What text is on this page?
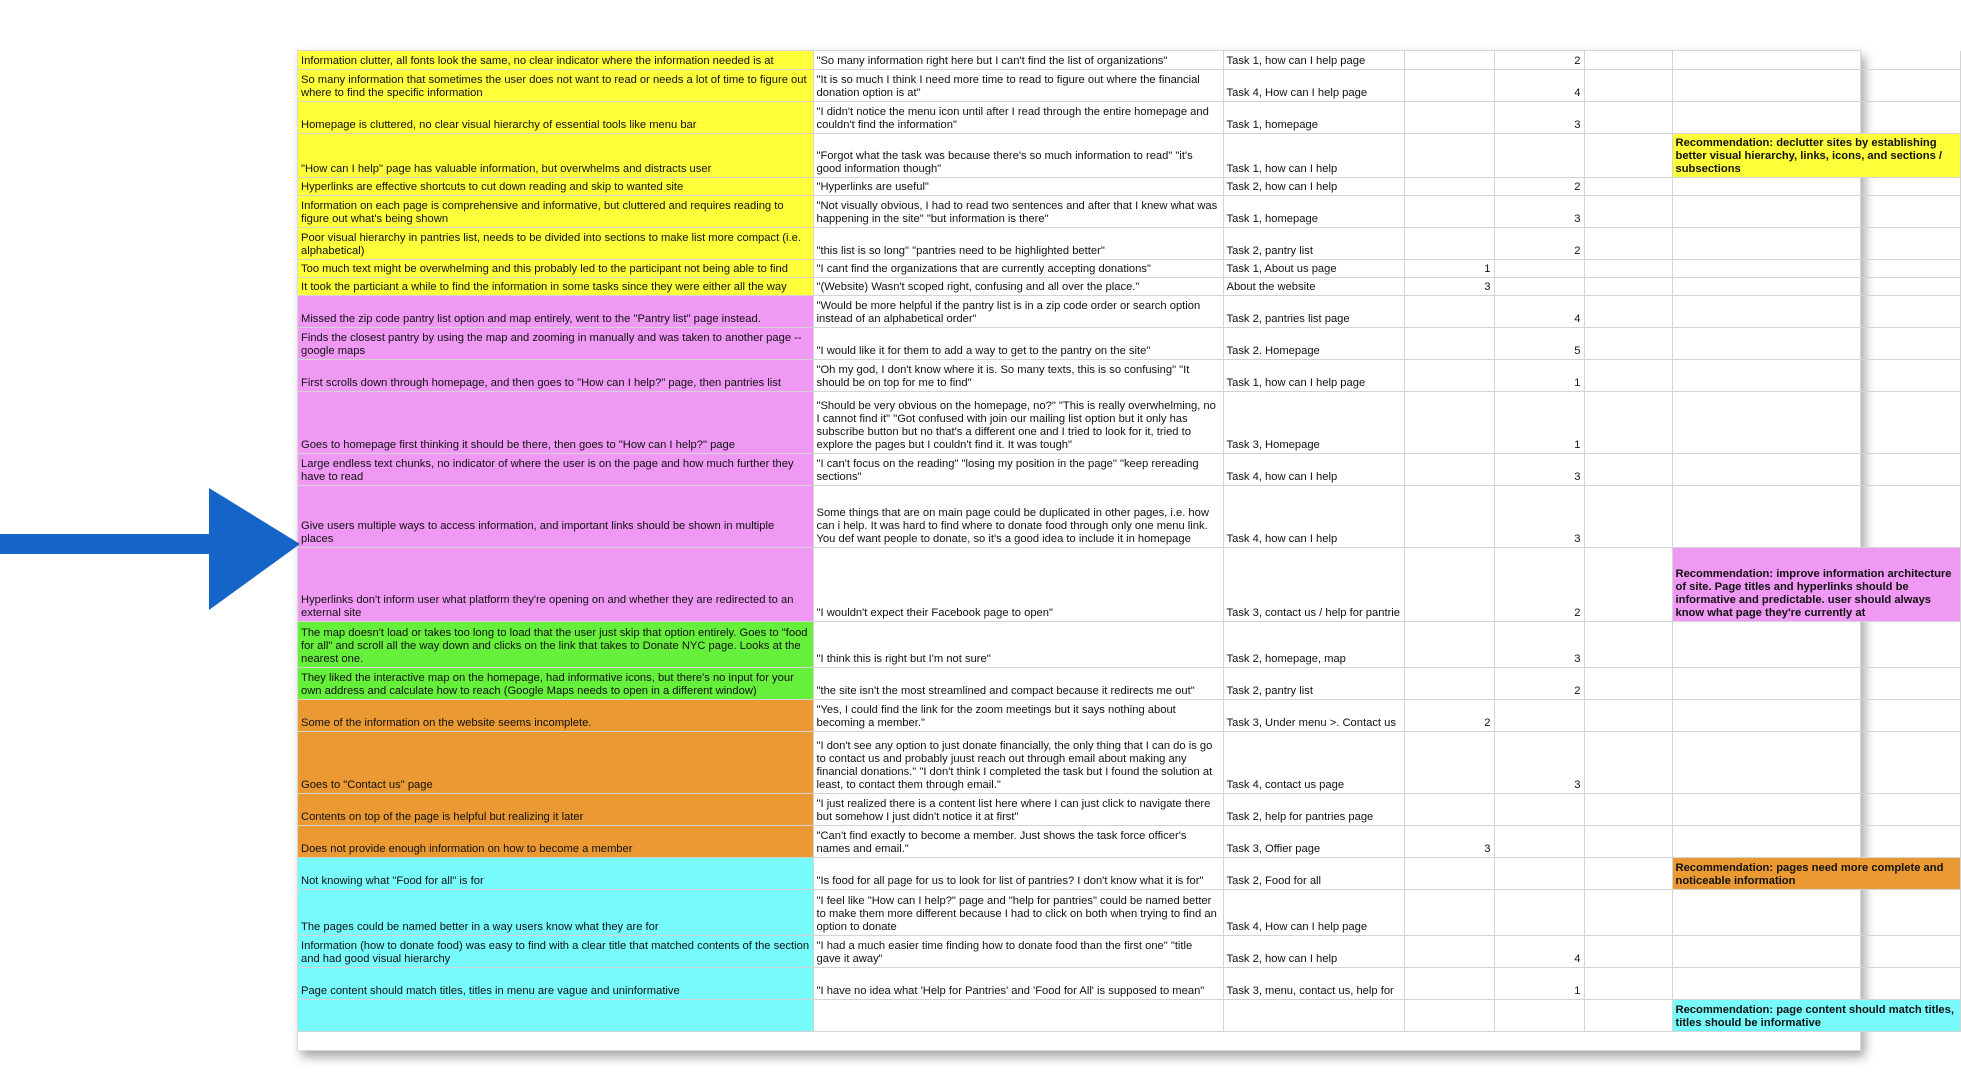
Information clutter, all fonts look the same, no clear indicator where the information needed is at	"So many information right here but I can't find the list of organizations"	Task 1, how can I help page		2		
So many information that sometimes the user does not want to read or needs a lot of time to figure out where to find the specific information	"It is so much I think I need more time to read to figure out where the financial donation option is at"	Task 4, How can I help page		4		
Homepage is cluttered, no clear visual hierarchy of essential tools like menu bar	"I didn't notice the menu icon until after I read through the entire homepage and couldn't find the information"	Task 1, homepage		3		
"How can I help" page has valuable information, but overwhelms and distracts user	"Forgot what the task was because there's so much information to read" "it's good information though"	Task 1, how can I help				Recommendation: declutter sites by establishing better visual hierarchy, links, icons, and sections / subsections
Hyperlinks are effective shortcuts to cut down reading and skip to wanted site	"Hyperlinks are useful"	Task 2, how can I help		2		
Information on each page is comprehensive and informative, but cluttered and requires reading to figure out what's being shown	"Not visually obvious, I had to read two sentences and after that I knew what was happening in the site" "but information is there"	Task 1, homepage		3		
Poor visual hierarchy in pantries list, needs to be divided into sections to make list more compact (i.e. alphabetical)	"this list is so long" "pantries need to be highlighted better"	Task 2, pantry list		2		
Too much text might be overwhelming and this probably led to the participant not being able to find	"I cant find the organizations that are currently accepting donations"	Task 1, About us page	1			
It took the particiant a while to find the information in some tasks since they were either all the way	"(Website) Wasn't scoped right, confusing and all over the place."	About the website	3			
Missed the zip code pantry list option and map entirely, went to the "Pantry list" page instead.	"Would be more helpful if the pantry list is in a zip code order or search option instead of an alphabetical order"	Task 2, pantries list page		4		
Finds the closest pantry by using the map and zooming in manually and was taken to another page -- google maps	"I would like it for them to add a way to get to the pantry on the site"	Task 2. Homepage		5		
First scrolls down through homepage, and then goes to "How can I help?" page, then pantries list	"Oh my god, I don't know where it is. So many texts, this is so confusing" "It should be on top for me to find"	Task 1, how can I help page		1		
Goes to homepage first thinking it should be there, then goes to "How can I help?" page	"Should be very obvious on the homepage, no?" "This is really overwhelming, no I cannot find it" "Got confused with join our mailing list option but it only has subscribe button but no that's a different one and I tried to look for it, tried to explore the pages but I couldn't find it. It was tough"	Task 3, Homepage		1		
Large endless text chunks, no indicator of where the user is on the page and how much further they have to read	"I can't focus on the reading" "losing my position in the page" "keep rereading sections"	Task 4, how can I help		3		
Give users multiple ways to access information, and important links should be shown in multiple places	Some things that are on main page could be duplicated in other pages, i.e. how can i help. It was hard to find where to donate food through only one menu link. You def want people to donate, so it's a good idea to include it in homepage	Task 4, how can I help		3		
Hyperlinks don't inform user what platform they're opening on and whether they are redirected to an external site	"I wouldn't expect their Facebook page to open"	Task 3, contact us / help for pantrie		2		Recommendation: improve information architecture of site. Page titles and hyperlinks should be informative and predictable. user should always know what page they're currently at
The map doesn't load or takes too long to load that the user just skip that option entirely. Goes to "food for all" and scroll all the way down and clicks on the link that takes to Donate NYC page. Looks at the nearest one.	"I think this is right but I'm not sure"	Task 2, homepage, map		3		
They liked the interactive map on the homepage, had informative icons, but there's no input for your own address and calculate how to reach (Google Maps needs to open in a different window)	"the site isn't the most streamlined and compact because it redirects me out"	Task 2, pantry list		2		
Some of the information on the website seems incomplete.	"Yes, I could find the link for the zoom meetings but it says nothing about becoming a member."	Task 3, Under menu >. Contact us	2			
Goes to "Contact us" page	"I don't see any option to just donate financially, the only thing that I can do is go to contact us and probably juust reach out through email about making any financial donations." "I don't think I completed the task but I found the solution at least, to contact them through email."	Task 4, contact us page		3		
Contents on top of the page is helpful but realizing it later	"I just realized there is a content list here where I can just click to navigate there but somehow I just didn't notice it at first"	Task 2, help for pantries page				
Does not provide enough information on how to become a member	"Can't find exactly to become a member. Just shows the task force officer's names and email."	Task 3, Offier page	3			
Not knowing what "Food for all" is for	"Is food for all page for us to look for list of pantries? I don't know what it is for"	Task 2, Food for all				Recommendation: pages need more complete and noticeable information
The pages could be named better in a way users know what they are for	"I feel like "How can I help?" page and "help for pantries" could be named better to make them more different because I had to click on both when trying to find an option to donate	Task 4, How can I help page				
Information (how to donate food) was easy to find with a clear title that matched contents of the section and had good visual hierarchy	"I had a much easier time finding how to donate food than the first one" "title gave it away"	Task 2, how can I help		4		
Page content should match titles, titles in menu are vague and uninformative	"I have no idea what 'Help for Pantries' and 'Food for All' is supposed to mean"	Task 3, menu, contact us, help for		1		
						Recommendation: page content should match titles, titles should be informative
